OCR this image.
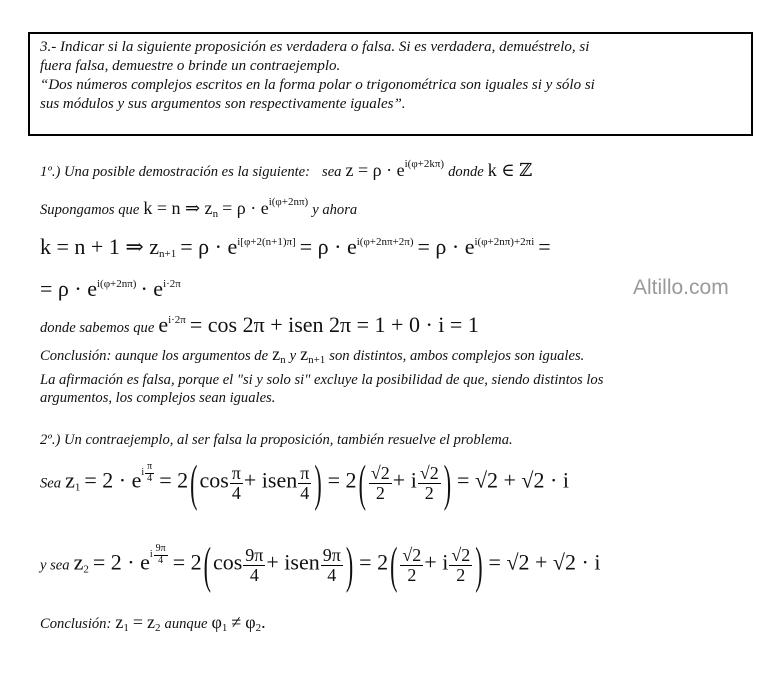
3.- Indicar si la siguiente proposición es verdadera o falsa. Si es verdadera, demuéstrelo, si
fuera falsa, demuestre o brinde un contraejemplo.
“Dos números complejos escritos en la forma polar o trigonométrica son iguales si y sólo si
sus módulos y sus argumentos son respectivamente iguales”.
1º.) Una posible demostración es la siguiente: sea $z = \rho \cdot e^{i(\varphi+2k\pi)}$ donde k ∈ ℤ
Supongamos que k = n ⇒ $z_n = \rho \cdot e^{i(\varphi+2n\pi)}$ y ahora
k = n + 1 ⇒ $z_{n+1} = \rho \cdot e^{i[\varphi+2(n+1)\pi]} = \rho \cdot e^{i(\varphi+2n\pi+2\pi)} = \rho \cdot e^{i(\varphi+2n\pi)+2\pi i}$ =
= $\rho \cdot e^{i(\varphi+2n\pi)} \cdot e^{i\cdot 2\pi}$
donde sabemos que $e^{i\cdot 2\pi} = \cos 2\pi$ + isen 2π = 1 + 0 · i = 1
Conclusión: aunque los argumentos de $z_n$ y $z_{n+1}$ son distintos, ambos complejos son iguales.
La afirmación es falsa, porque el "si y solo si" excluye la posibilidad de que, siendo distintos los
argumentos, los complejos sean iguales.
2º.) Un contraejemplo, al ser falsa la proposición, también resuelve el problema.
Sea $z_1 = 2 \cdot e^{i \frac{\pi}{4}} = 2(\cos \frac{\pi}{4}$ + isen $\frac{\pi}{4}$ ) = $2( \frac{√2}{2} + i \frac{√2}{2}$ ) = √2 + √2 · i
y sea $z_2 = 2 \cdot e^{i \frac{9\pi}{4}} = 2(\cos \frac{9\pi}{4}$ + isen $\frac{9\pi}{4}$ ) = $2( \frac{√2}{2} + i \frac{√2}{2}$ ) = √2 + √2 · i
Conclusión: $z_1 = z_2$ aunque $\varphi_1 \ne \varphi_2$.
Altillo.com
